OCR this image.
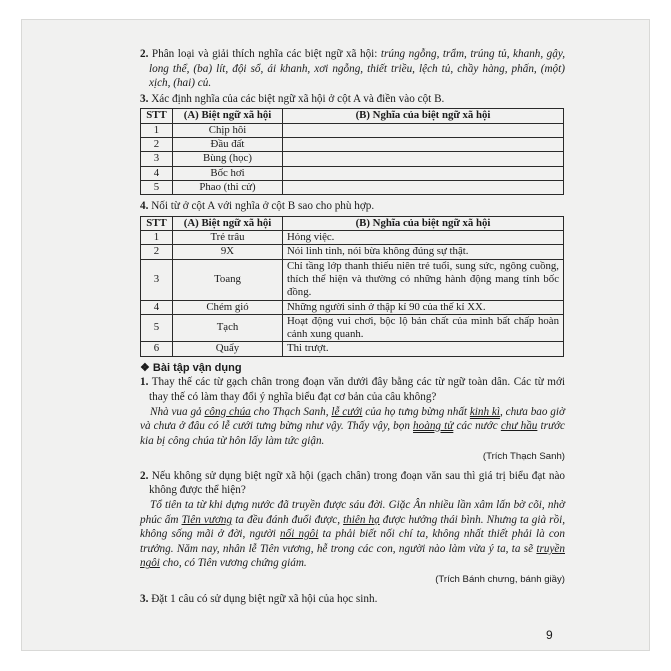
2. Phân loại và giải thích nghĩa các biệt ngữ xã hội: trúng ngỗng, trẩm, trúng tủ, khanh, gậy, long thể, (ba) lít, đội sổ, ái khanh, xơi ngỗng, thiết triều, lệch tủ, chầy hàng, phấn, (một) xịch, (hai) củ.

3. Xác định nghĩa của các biệt ngữ xã hội ở cột A và điền vào cột B.

STT	(A) Biệt ngữ xã hội	(B) Nghĩa của biệt ngữ xã hội
1	Chịp hôi	
2	Đầu đất	
3	Bùng (học)	
4	Bốc hơi	
5	Phao (thi cử)	

4. Nối từ ở cột A với nghĩa ở cột B sao cho phù hợp.

STT	(A) Biệt ngữ xã hội	(B) Nghĩa của biệt ngữ xã hội
1	Trẻ trâu	Hỏng việc.
2	9X	Nói linh tinh, nói bừa không đúng sự thật.
3	Toang	Chỉ tầng lớp thanh thiếu niên trẻ tuổi, sung sức, ngông cuồng, thích thể hiện và thường có những hành động mang tính bốc đồng.
4	Chém gió	Những người sinh ở thập kỉ 90 của thế kỉ XX.
5	Tạch	Hoạt động vui chơi, bộc lộ bản chất của mình bất chấp hoàn cảnh xung quanh.
6	Quẩy	Thi trượt.

❖ Bài tập vận dụng

1. Thay thế các từ gạch chân trong đoạn văn dưới đây bằng các từ ngữ toàn dân. Các từ mới thay thế có làm thay đổi ý nghĩa biểu đạt cơ bản của câu không?

Nhà vua gả công chúa cho Thạch Sanh, lễ cưới của họ tưng bừng nhất kinh kì, chưa bao giờ và chưa ở đâu có lễ cưới tưng bừng như vậy. Thấy vậy, bọn hoàng tử các nước chư hầu trước kia bị công chúa từ hôn lấy làm tức giận.

(Trích Thạch Sanh)

2. Nếu không sử dụng biệt ngữ xã hội (gạch chân) trong đoạn văn sau thì giá trị biểu đạt nào không được thể hiện?

Tổ tiên ta từ khi dựng nước đã truyền được sáu đời. Giặc Ân nhiều lần xâm lấn bờ cõi, nhờ phúc ấm Tiên vương ta đều đánh đuổi được, thiên hạ được hưởng thái bình. Nhưng ta già rồi, không sống mãi ở đời, người nối ngôi ta phải biết nối chí ta, không nhất thiết phải là con trưởng. Năm nay, nhân lễ Tiên vương, hễ trong các con, người nào làm vừa ý ta, ta sẽ truyền ngôi cho, có Tiên vương chứng giám.

(Trích Bánh chưng, bánh giầy)

3. Đặt 1 câu có sử dụng biệt ngữ xã hội của học sinh.

9
